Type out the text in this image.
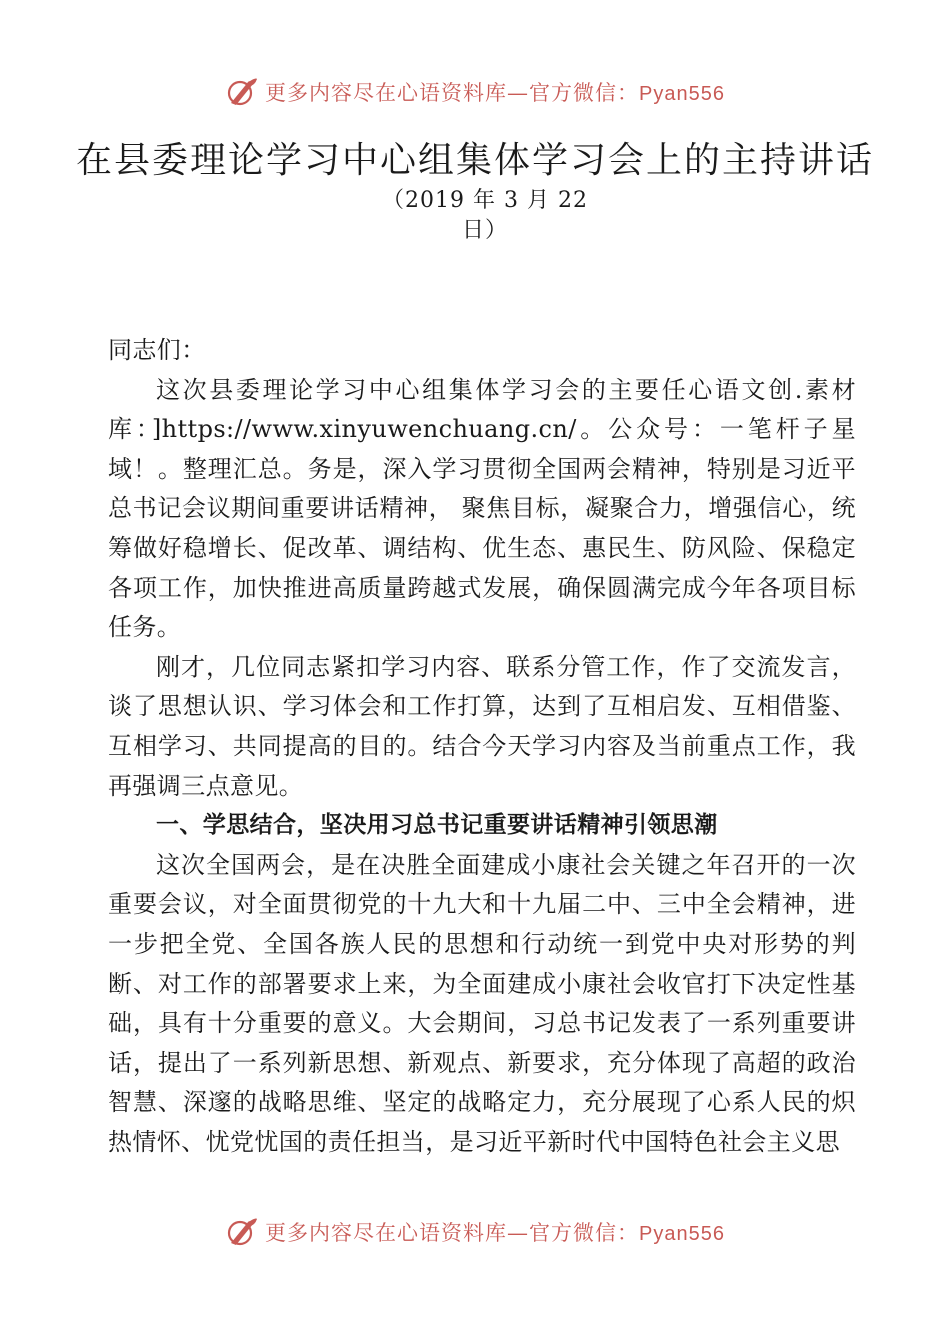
更多内容尽在心语资料库—官方微信：Pyan556
在县委理论学习中心组集体学习会上的主持讲话
（2019 年 3 月 22
日）

同志们：

这次县委理论学习中心组集体学习会的主要任心语文创.素材库：]https://www.xinyuwenchuang.cn/。公众号：一笔杆子星域！。整理汇总。务是，深入学习贯彻全国两会精神，特别是习近平总书记会议期间重要讲话精神， 聚焦目标，凝聚合力，增强信心，统筹做好稳增长、促改革、调结构、优生态、惠民生、防风险、保稳定各项工作，加快推进高质量跨越式发展，确保圆满完成今年各项目标任务。

刚才，几位同志紧扣学习内容、联系分管工作，作了交流发言，谈了思想认识、学习体会和工作打算，达到了互相启发、互相借鉴、互相学习、共同提高的目的。结合今天学习内容及当前重点工作，我再强调三点意见。

一、学思结合，坚决用习总书记重要讲话精神引领思潮

这次全国两会，是在决胜全面建成小康社会关键之年召开的一次重要会议，对全面贯彻党的十九大和十九届二中、三中全会精神，进一步把全党、全国各族人民的思想和行动统一到党中央对形势的判断、对工作的部署要求上来，为全面建成小康社会收官打下决定性基础，具有十分重要的意义。大会期间，习总书记发表了一系列重要讲话，提出了一系列新思想、新观点、新要求，充分体现了高超的政治智慧、深邃的战略思维、坚定的战略定力，充分展现了心系人民的炽热情怀、忧党忧国的责任担当，是习近平新时代中国特色社会主义思

更多内容尽在心语资料库—官方微信：Pyan556
